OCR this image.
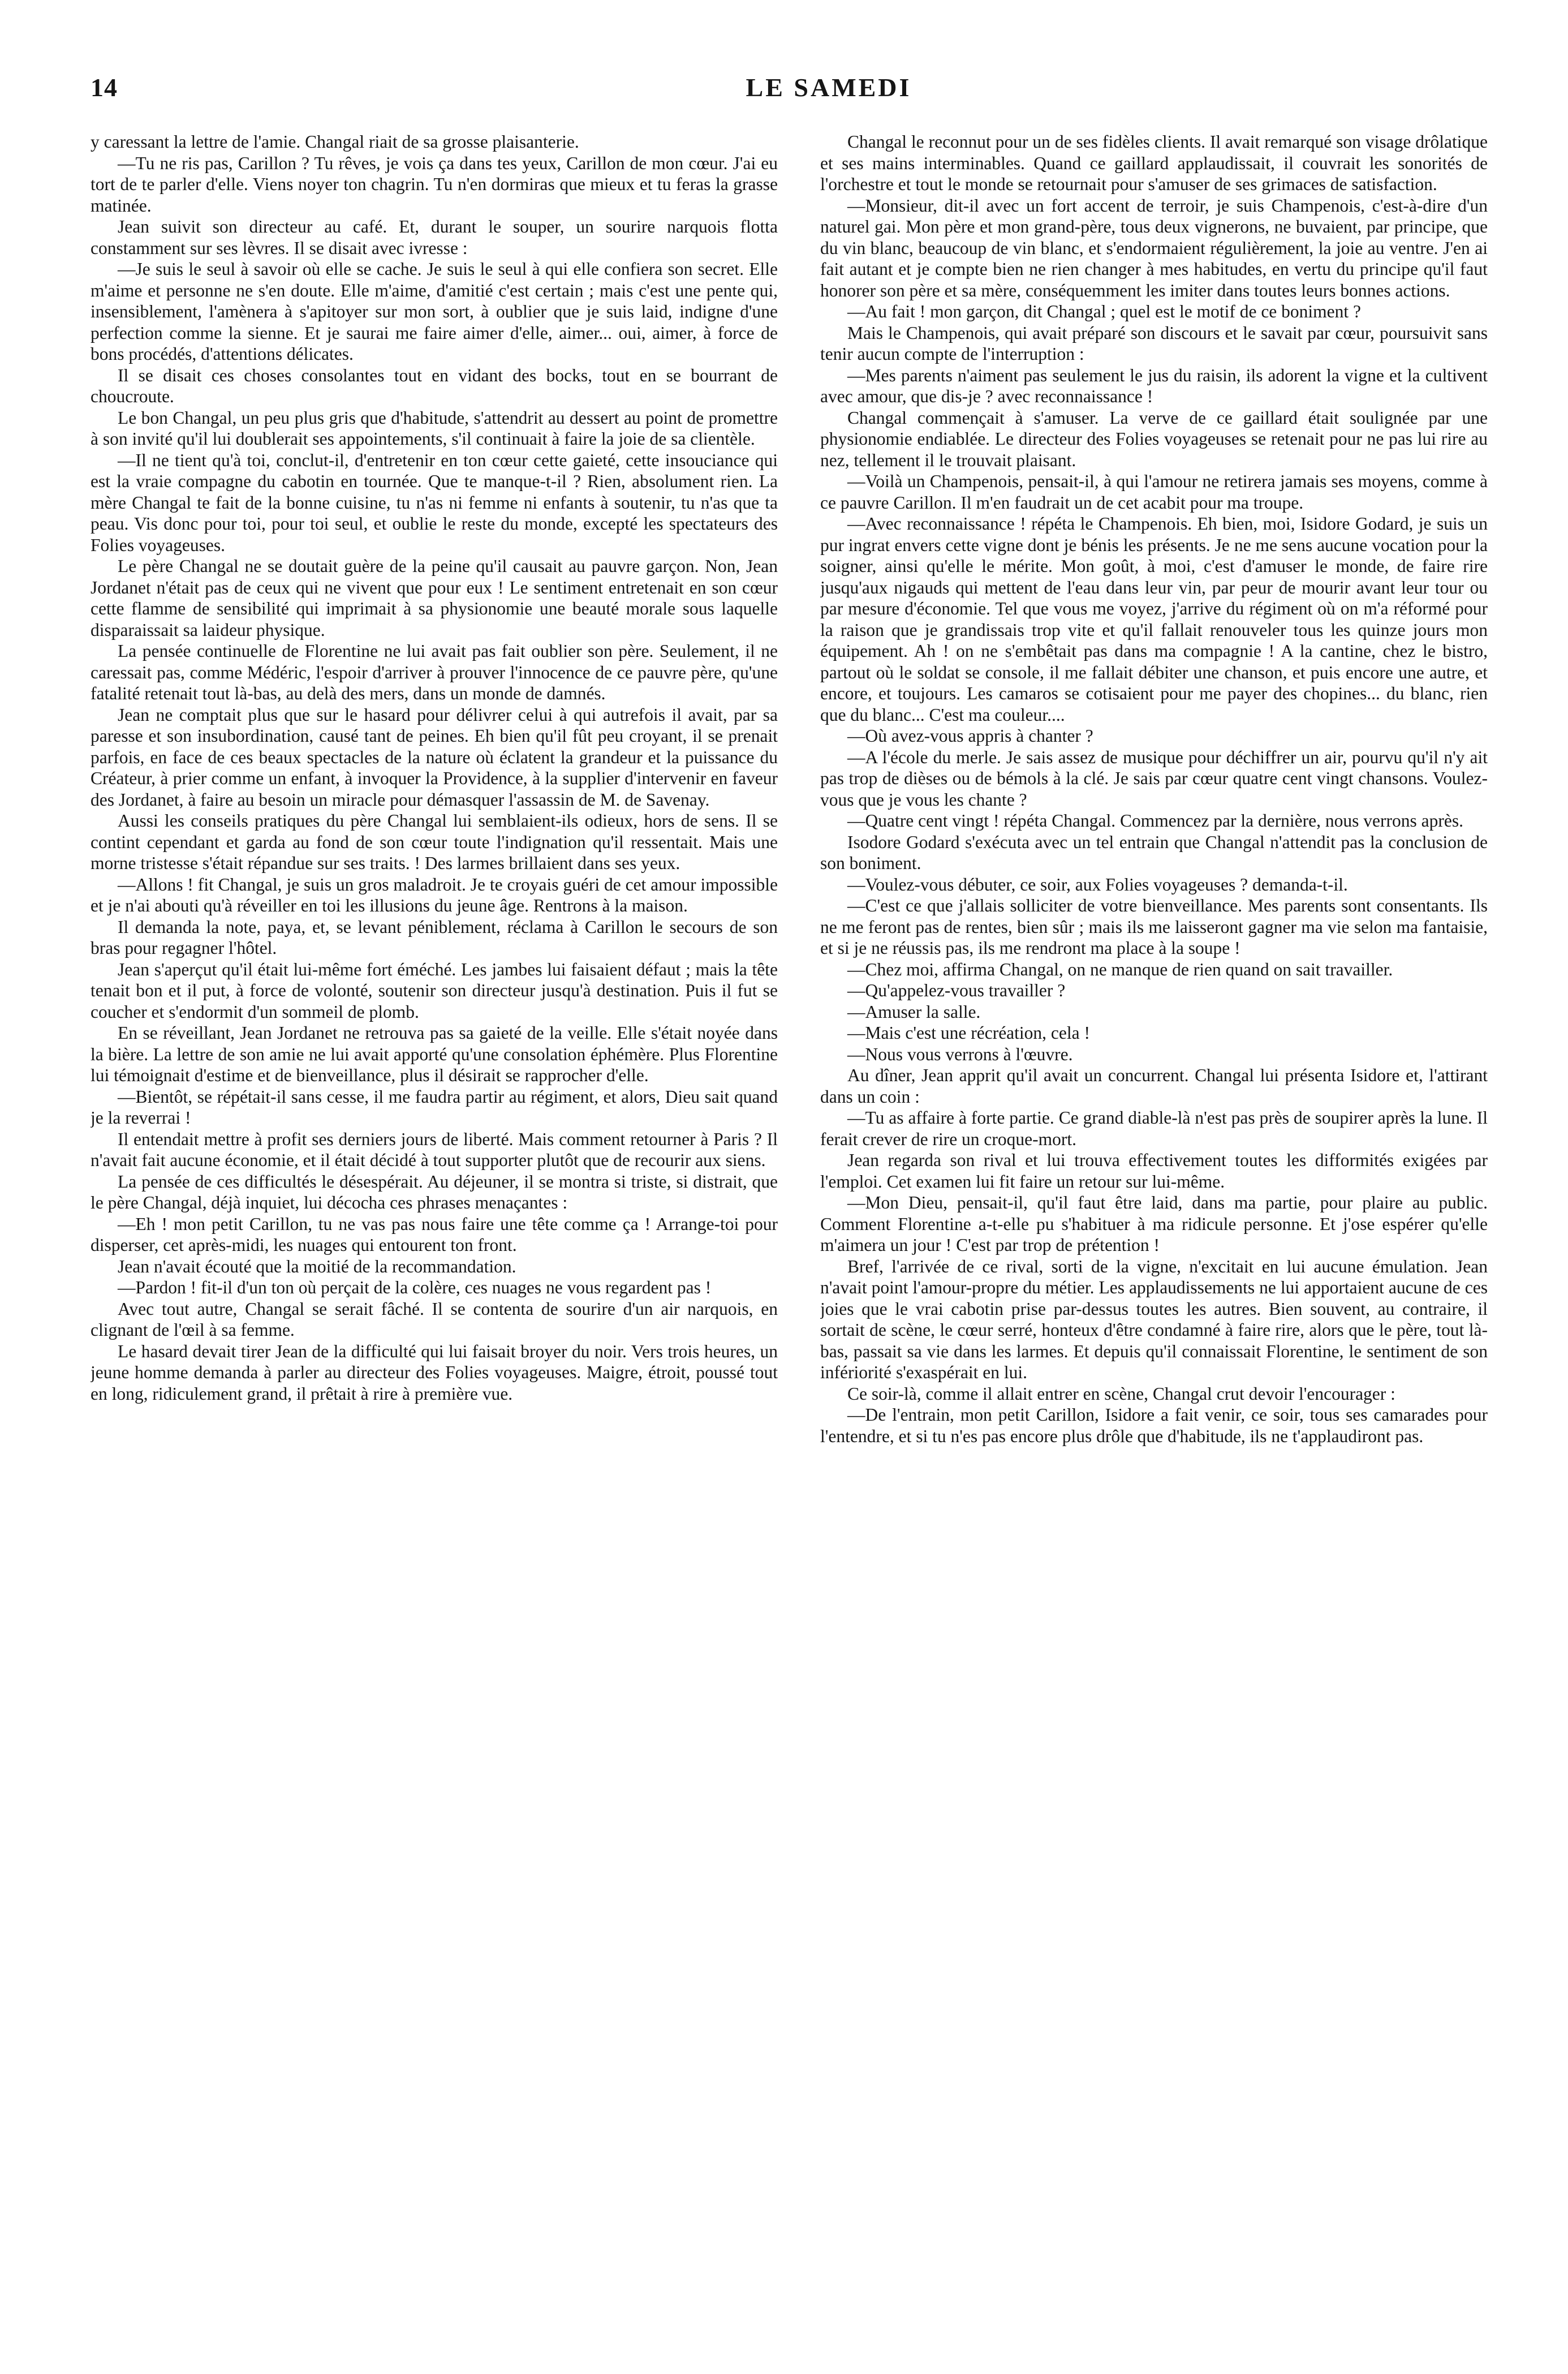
14	LE SAMEDI

y caressant la lettre de l'amie. Changal riait de sa grosse plaisanterie.

—Tu ne ris pas, Carillon ? Tu rêves, je vois ça dans tes yeux, Carillon de mon cœur. J'ai eu tort de te parler d'elle. Viens noyer ton chagrin. Tu n'en dormiras que mieux et tu feras la grasse matinée.

Jean suivit son directeur au café. Et, durant le souper, un sourire narquois flotta constamment sur ses lèvres. Il se disait avec ivresse :

—Je suis le seul à savoir où elle se cache. Je suis le seul à qui elle confiera son secret. Elle m'aime et personne ne s'en doute. Elle m'aime, d'amitié c'est certain ; mais c'est une pente qui, insensiblement, l'amènera à s'apitoyer sur mon sort, à oublier que je suis laid, indigne d'une perfection comme la sienne. Et je saurai me faire aimer d'elle, aimer... oui, aimer, à force de bons procédés, d'attentions délicates.

Il se disait ces choses consolantes tout en vidant des bocks, tout en se bourrant de choucroute.

Le bon Changal, un peu plus gris que d'habitude, s'attendrit au dessert au point de promettre à son invité qu'il lui doublerait ses appointements, s'il continuait à faire la joie de sa clientèle.

—Il ne tient qu'à toi, conclut-il, d'entretenir en ton cœur cette gaieté, cette insouciance qui est la vraie compagne du cabotin en tournée. Que te manque-t-il ? Rien, absolument rien. La mère Changal te fait de la bonne cuisine, tu n'as ni femme ni enfants à soutenir, tu n'as que ta peau. Vis donc pour toi, pour toi seul, et oublie le reste du monde, excepté les spectateurs des Folies voyageuses.

Le père Changal ne se doutait guère de la peine qu'il causait au pauvre garçon. Non, Jean Jordanet n'était pas de ceux qui ne vivent que pour eux ! Le sentiment entretenait en son cœur cette flamme de sensibilité qui imprimait à sa physionomie une beauté morale sous laquelle disparaissait sa laideur physique.

La pensée continuelle de Florentine ne lui avait pas fait oublier son père. Seulement, il ne caressait pas, comme Médéric, l'espoir d'arriver à prouver l'innocence de ce pauvre père, qu'une fatalité retenait tout là-bas, au delà des mers, dans un monde de damnés.

Jean ne comptait plus que sur le hasard pour délivrer celui à qui autrefois il avait, par sa paresse et son insubordination, causé tant de peines. Eh bien qu'il fût peu croyant, il se prenait parfois, en face de ces beaux spectacles de la nature où éclatent la grandeur et la puissance du Créateur, à prier comme un enfant, à invoquer la Providence, à la supplier d'intervenir en faveur des Jordanet, à faire au besoin un miracle pour démasquer l'assassin de M. de Savenay.

Aussi les conseils pratiques du père Changal lui semblaient-ils odieux, hors de sens. Il se contint cependant et garda au fond de son cœur toute l'indignation qu'il ressentait. Mais une morne tristesse s'était répandue sur ses traits. ! Des larmes brillaient dans ses yeux.

—Allons ! fit Changal, je suis un gros maladroit. Je te croyais guéri de cet amour impossible et je n'ai abouti qu'à réveiller en toi les illusions du jeune âge. Rentrons à la maison.

Il demanda la note, paya, et, se levant péniblement, réclama à Carillon le secours de son bras pour regagner l'hôtel.

Jean s'aperçut qu'il était lui-même fort éméché. Les jambes lui faisaient défaut ; mais la tête tenait bon et il put, à force de volonté, soutenir son directeur jusqu'à destination. Puis il fut se coucher et s'endormit d'un sommeil de plomb.

En se réveillant, Jean Jordanet ne retrouva pas sa gaieté de la veille. Elle s'était noyée dans la bière. La lettre de son amie ne lui avait apporté qu'une consolation éphémère. Plus Florentine lui témoignait d'estime et de bienveillance, plus il désirait se rapprocher d'elle.

—Bientôt, se répétait-il sans cesse, il me faudra partir au régiment, et alors, Dieu sait quand je la reverrai !

Il entendait mettre à profit ses derniers jours de liberté. Mais comment retourner à Paris ? Il n'avait fait aucune économie, et il était décidé à tout supporter plutôt que de recourir aux siens.

La pensée de ces difficultés le désespérait. Au déjeuner, il se montra si triste, si distrait, que le père Changal, déjà inquiet, lui décocha ces phrases menaçantes :

—Eh ! mon petit Carillon, tu ne vas pas nous faire une tête comme ça ! Arrange-toi pour disperser, cet après-midi, les nuages qui entourent ton front.

Jean n'avait écouté que la moitié de la recommandation.

—Pardon ! fit-il d'un ton où perçait de la colère, ces nuages ne vous regardent pas !

Avec tout autre, Changal se serait fâché. Il se contenta de sourire d'un air narquois, en clignant de l'œil à sa femme.

Le hasard devait tirer Jean de la difficulté qui lui faisait broyer du noir. Vers trois heures, un jeune homme demanda à parler au directeur des Folies voyageuses. Maigre, étroit, poussé tout en long, ridiculement grand, il prêtait à rire à première vue.

Changal le reconnut pour un de ses fidèles clients. Il avait remarqué son visage drôlatique et ses mains interminables. Quand ce gaillard applaudissait, il couvrait les sonorités de l'orchestre et tout le monde se retournait pour s'amuser de ses grimaces de satisfaction.

—Monsieur, dit-il avec un fort accent de terroir, je suis Champenois, c'est-à-dire d'un naturel gai. Mon père et mon grand-père, tous deux vignerons, ne buvaient, par principe, que du vin blanc, beaucoup de vin blanc, et s'endormaient régulièrement, la joie au ventre. J'en ai fait autant et je compte bien ne rien changer à mes habitudes, en vertu du principe qu'il faut honorer son père et sa mère, conséquemment les imiter dans toutes leurs bonnes actions.

—Au fait ! mon garçon, dit Changal ; quel est le motif de ce boniment ?

Mais le Champenois, qui avait préparé son discours et le savait par cœur, poursuivit sans tenir aucun compte de l'interruption :

—Mes parents n'aiment pas seulement le jus du raisin, ils adorent la vigne et la cultivent avec amour, que dis-je ? avec reconnaissance !

Changal commençait à s'amuser. La verve de ce gaillard était soulignée par une physionomie endiablée. Le directeur des Folies voyageuses se retenait pour ne pas lui rire au nez, tellement il le trouvait plaisant.

—Voilà un Champenois, pensait-il, à qui l'amour ne retirera jamais ses moyens, comme à ce pauvre Carillon. Il m'en faudrait un de cet acabit pour ma troupe.

—Avec reconnaissance ! répéta le Champenois. Eh bien, moi, Isidore Godard, je suis un pur ingrat envers cette vigne dont je bénis les présents. Je ne me sens aucune vocation pour la soigner, ainsi qu'elle le mérite. Mon goût, à moi, c'est d'amuser le monde, de faire rire jusqu'aux nigauds qui mettent de l'eau dans leur vin, par peur de mourir avant leur tour ou par mesure d'économie. Tel que vous me voyez, j'arrive du régiment où on m'a réformé pour la raison que je grandissais trop vite et qu'il fallait renouveler tous les quinze jours mon équipement. Ah ! on ne s'embêtait pas dans ma compagnie ! A la cantine, chez le bistro, partout où le soldat se console, il me fallait débiter une chanson, et puis encore une autre, et encore, et toujours. Les camaros se cotisaient pour me payer des chopines... du blanc, rien que du blanc... C'est ma couleur....

—Où avez-vous appris à chanter ?

—A l'école du merle. Je sais assez de musique pour déchiffrer un air, pourvu qu'il n'y ait pas trop de dièses ou de bémols à la clé. Je sais par cœur quatre cent vingt chansons. Voulez-vous que je vous les chante ?

—Quatre cent vingt ! répéta Changal. Commencez par la dernière, nous verrons après.

Isodore Godard s'exécuta avec un tel entrain que Changal n'attendit pas la conclusion de son boniment.

—Voulez-vous débuter, ce soir, aux Folies voyageuses ? demanda-t-il.

—C'est ce que j'allais solliciter de votre bienveillance. Mes parents sont consentants. Ils ne me feront pas de rentes, bien sûr ; mais ils me laisseront gagner ma vie selon ma fantaisie, et si je ne réussis pas, ils me rendront ma place à la soupe !

—Chez moi, affirma Changal, on ne manque de rien quand on sait travailler.

—Qu'appelez-vous travailler ?

—Amuser la salle.

—Mais c'est une récréation, cela !

—Nous vous verrons à l'œuvre.

Au dîner, Jean apprit qu'il avait un concurrent. Changal lui présenta Isidore et, l'attirant dans un coin :

—Tu as affaire à forte partie. Ce grand diable-là n'est pas près de soupirer après la lune. Il ferait crever de rire un croque-mort.

Jean regarda son rival et lui trouva effectivement toutes les difformités exigées par l'emploi. Cet examen lui fit faire un retour sur lui-même.

—Mon Dieu, pensait-il, qu'il faut être laid, dans ma partie, pour plaire au public. Comment Florentine a-t-elle pu s'habituer à ma ridicule personne. Et j'ose espérer qu'elle m'aimera un jour ! C'est par trop de prétention !

Bref, l'arrivée de ce rival, sorti de la vigne, n'excitait en lui aucune émulation. Jean n'avait point l'amour-propre du métier. Les applaudissements ne lui apportaient aucune de ces joies que le vrai cabotin prise par-dessus toutes les autres. Bien souvent, au contraire, il sortait de scène, le cœur serré, honteux d'être condamné à faire rire, alors que le père, tout là-bas, passait sa vie dans les larmes. Et depuis qu'il connaissait Florentine, le sentiment de son infériorité s'exaspérait en lui.

Ce soir-là, comme il allait entrer en scène, Changal crut devoir l'encourager :

—De l'entrain, mon petit Carillon, Isidore a fait venir, ce soir, tous ses camarades pour l'entendre, et si tu n'es pas encore plus drôle que d'habitude, ils ne t'applaudiront pas.
